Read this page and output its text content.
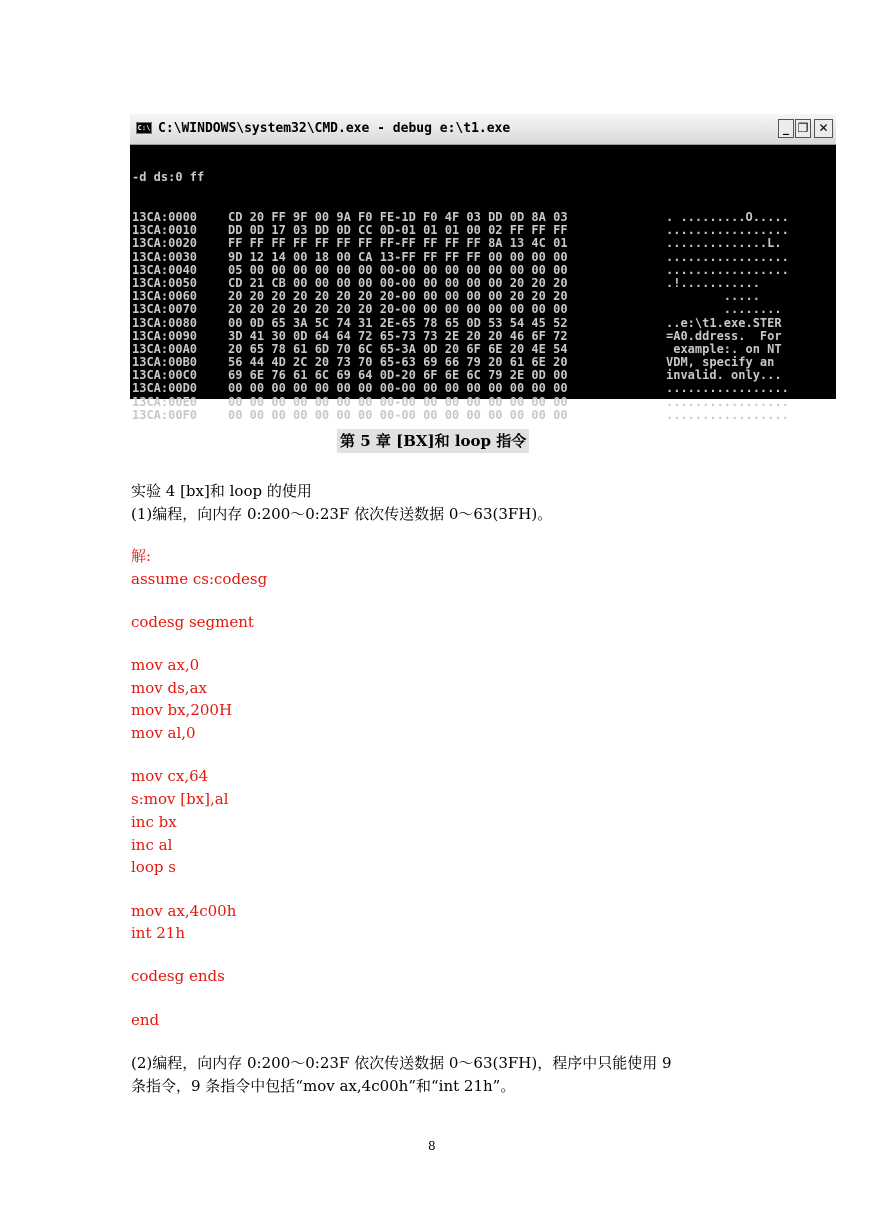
C:\ C:\WINDOWS\system32\CMD.exe - debug e:\t1.exe	_ ❐ ✕

-d ds:0 ff

13CA:0000	CD 20 FF 9F 00 9A F0 FE-1D F0 4F 03 DD 0D 8A 03	. .........O.....
13CA:0010	DD 0D 17 03 DD 0D CC 0D-01 01 01 00 02 FF FF FF	.................
13CA:0020	FF FF FF FF FF FF FF FF-FF FF FF FF 8A 13 4C 01	..............L.
13CA:0030	9D 12 14 00 18 00 CA 13-FF FF FF FF 00 00 00 00	.................
13CA:0040	05 00 00 00 00 00 00 00-00 00 00 00 00 00 00 00	.................
13CA:0050	CD 21 CB 00 00 00 00 00-00 00 00 00 00 20 20 20	.!...........
13CA:0060	20 20 20 20 20 20 20 20-00 00 00 00 00 20 20 20	.....
13CA:0070	20 20 20 20 20 20 20 20-00 00 00 00 00 00 00 00	........
13CA:0080	00 0D 65 3A 5C 74 31 2E-65 78 65 0D 53 54 45 52	..e:\t1.exe.STER
13CA:0090	3D 41 30 0D 64 64 72 65-73 73 2E 20 20 46 6F 72	=A0.ddress.  For
13CA:00A0	20 65 78 61 6D 70 6C 65-3A 0D 20 6F 6E 20 4E 54	example:. on NT
13CA:00B0	56 44 4D 2C 20 73 70 65-63 69 66 79 20 61 6E 20	VDM, specify an
13CA:00C0	69 6E 76 61 6C 69 64 0D-20 6F 6E 6C 79 2E 0D 00	invalid. only...
13CA:00D0	00 00 00 00 00 00 00 00-00 00 00 00 00 00 00 00	.................
13CA:00E0	00 00 00 00 00 00 00 00-00 00 00 00 00 00 00 00	.................
13CA:00F0	00 00 00 00 00 00 00 00-00 00 00 00 00 00 00 00	.................
第 5 章 [BX]和 loop 指令
实验 4 [bx]和 loop 的使用
(1)编程，向内存 0:200～0:23F 依次传送数据 0～63(3FH)。
解:
assume cs:codesg
codesg segment
mov ax,0
mov ds,ax
mov bx,200H
mov al,0
mov cx,64
s:mov [bx],al
inc bx
inc al
loop s
mov ax,4c00h
int 21h
codesg ends
end
(2)编程，向内存 0:200～0:23F 依次传送数据 0～63(3FH)，程序中只能使用 9
条指令，9 条指令中包括“mov ax,4c00h”和“int 21h”。
8
